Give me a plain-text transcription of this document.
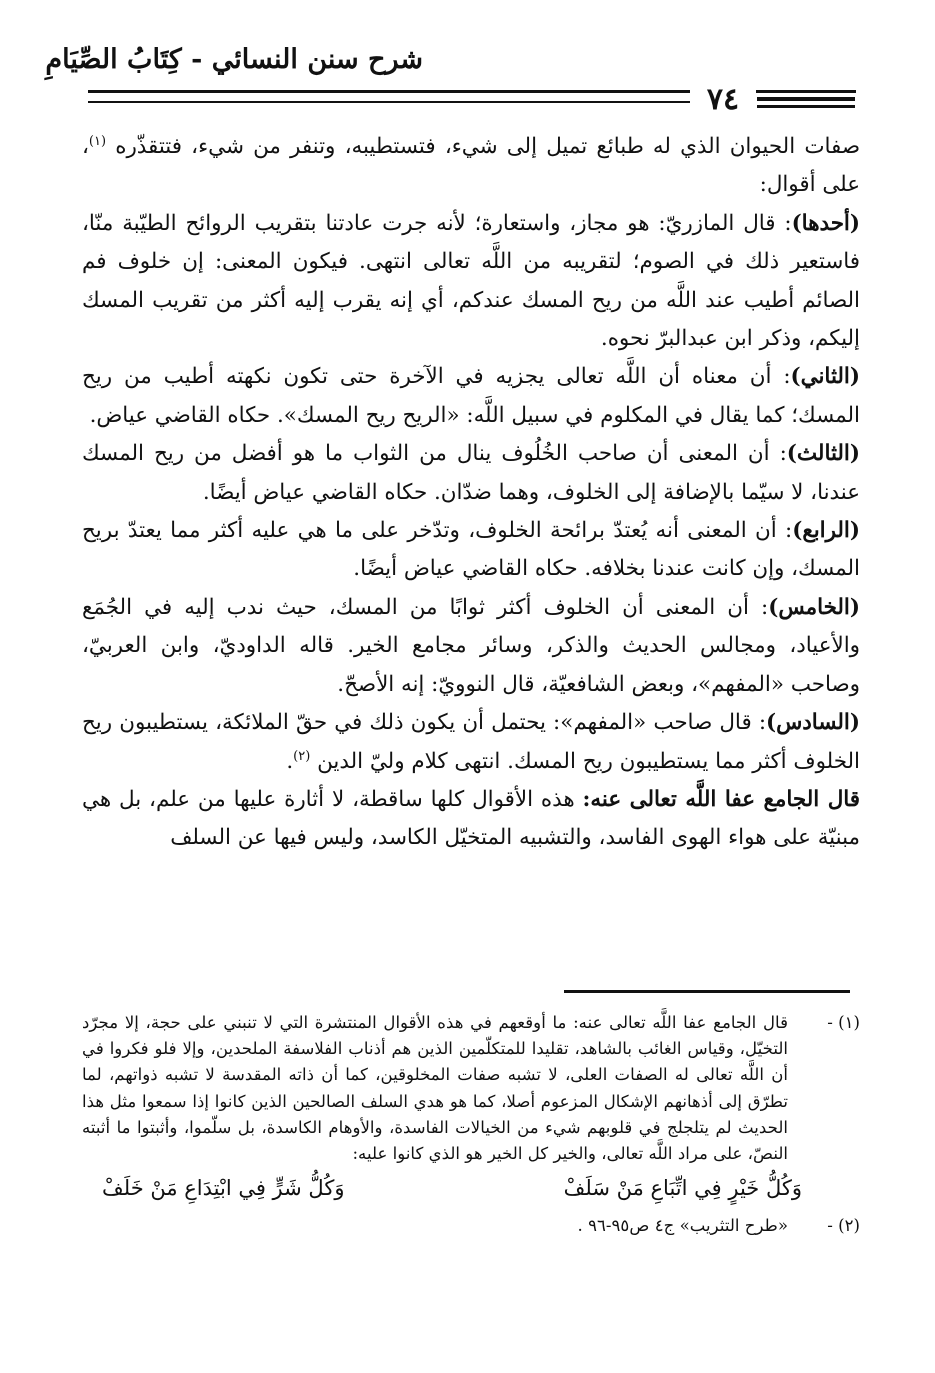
شرح سنن النسائي - كِتَابُ الصِّيَامِ
٧٤

صفات الحيوان الذي له طبائع تميل إلى شيء، فتستطيبه، وتنفر من شيء، فتتقذّره $^{(١)}$، على أقوال:

(أحدها): قال المازريّ: هو مجاز، واستعارة؛ لأنه جرت عادتنا بتقريب الروائح الطيّبة منّا، فاستعير ذلك في الصوم؛ لتقريبه من اللَّه تعالى انتهى. فيكون المعنى: إن خلوف فم الصائم أطيب عند اللَّه من ريح المسك عندكم، أي إنه يقرب إليه أكثر من تقريب المسك إليكم، وذكر ابن عبدالبرّ نحوه.

(الثاني): أن معناه أن اللَّه تعالى يجزيه في الآخرة حتى تكون نكهته أطيب من ريح المسك؛ كما يقال في المكلوم في سبيل اللَّه: «الريح ريح المسك». حكاه القاضي عياض.

(الثالث): أن المعنى أن صاحب الخُلُوف ينال من الثواب ما هو أفضل من ريح المسك عندنا، لا سيّما بالإضافة إلى الخلوف، وهما ضدّان. حكاه القاضي عياض أيضًا.

(الرابع): أن المعنى أنه يُعتدّ برائحة الخلوف، وتدّخر على ما هي عليه أكثر مما يعتدّ بريح المسك، وإن كانت عندنا بخلافه. حكاه القاضي عياض أيضًا.

(الخامس): أن المعنى أن الخلوف أكثر ثوابًا من المسك، حيث ندب إليه في الجُمَع والأعياد، ومجالس الحديث والذكر، وسائر مجامع الخير. قاله الداوديّ، وابن العربيّ، وصاحب «المفهم»، وبعض الشافعيّة، قال النوويّ: إنه الأصحّ.

(السادس): قال صاحب «المفهم»: يحتمل أن يكون ذلك في حقّ الملائكة، يستطيبون ريح الخلوف أكثر مما يستطيبون ريح المسك. انتهى كلام وليّ الدين $^{(٢)}$.

قال الجامع عفا اللَّه تعالى عنه: هذه الأقوال كلها ساقطة، لا أثارة عليها من علم، بل هي مبنيّة على هواء الهوى الفاسد، والتشبيه المتخيّل الكاسد، وليس فيها عن السلف

(١) -
قال الجامع عفا اللَّه تعالى عنه: ما أوقعهم في هذه الأقوال المنتشرة التي لا تنبني على حجة، إلا مجرّد التخيّل، وقياس الغائب بالشاهد، تقليدا للمتكلّمين الذين هم أذناب الفلاسفة الملحدين، وإلا فلو فكروا في أن اللَّه تعالى له الصفات العلى، لا تشبه صفات المخلوقين، كما أن ذاته المقدسة لا تشبه ذواتهم، لما تطرّق إلى أذهانهم الإشكال المزعوم أصلا، كما هو هدي السلف الصالحين الذين كانوا إذا سمعوا مثل هذا الحديث لم يتلجلج في قلوبهم شيء من الخيالات الفاسدة، والأوهام الكاسدة، بل سلّموا، وأثبتوا ما أثبته النصّ، على مراد اللَّه تعالى، والخير كل الخير هو الذي كانوا عليه:
وَكُلُّ خَيْرٍ فِي اتِّبَاعِ مَنْ سَلَفْ
وَكُلُّ شَرٍّ فِي ابْتِدَاعِ مَنْ خَلَفْ
(٢) -
«طرح التثريب» ج٤ ص٩٥-٩٦ .
